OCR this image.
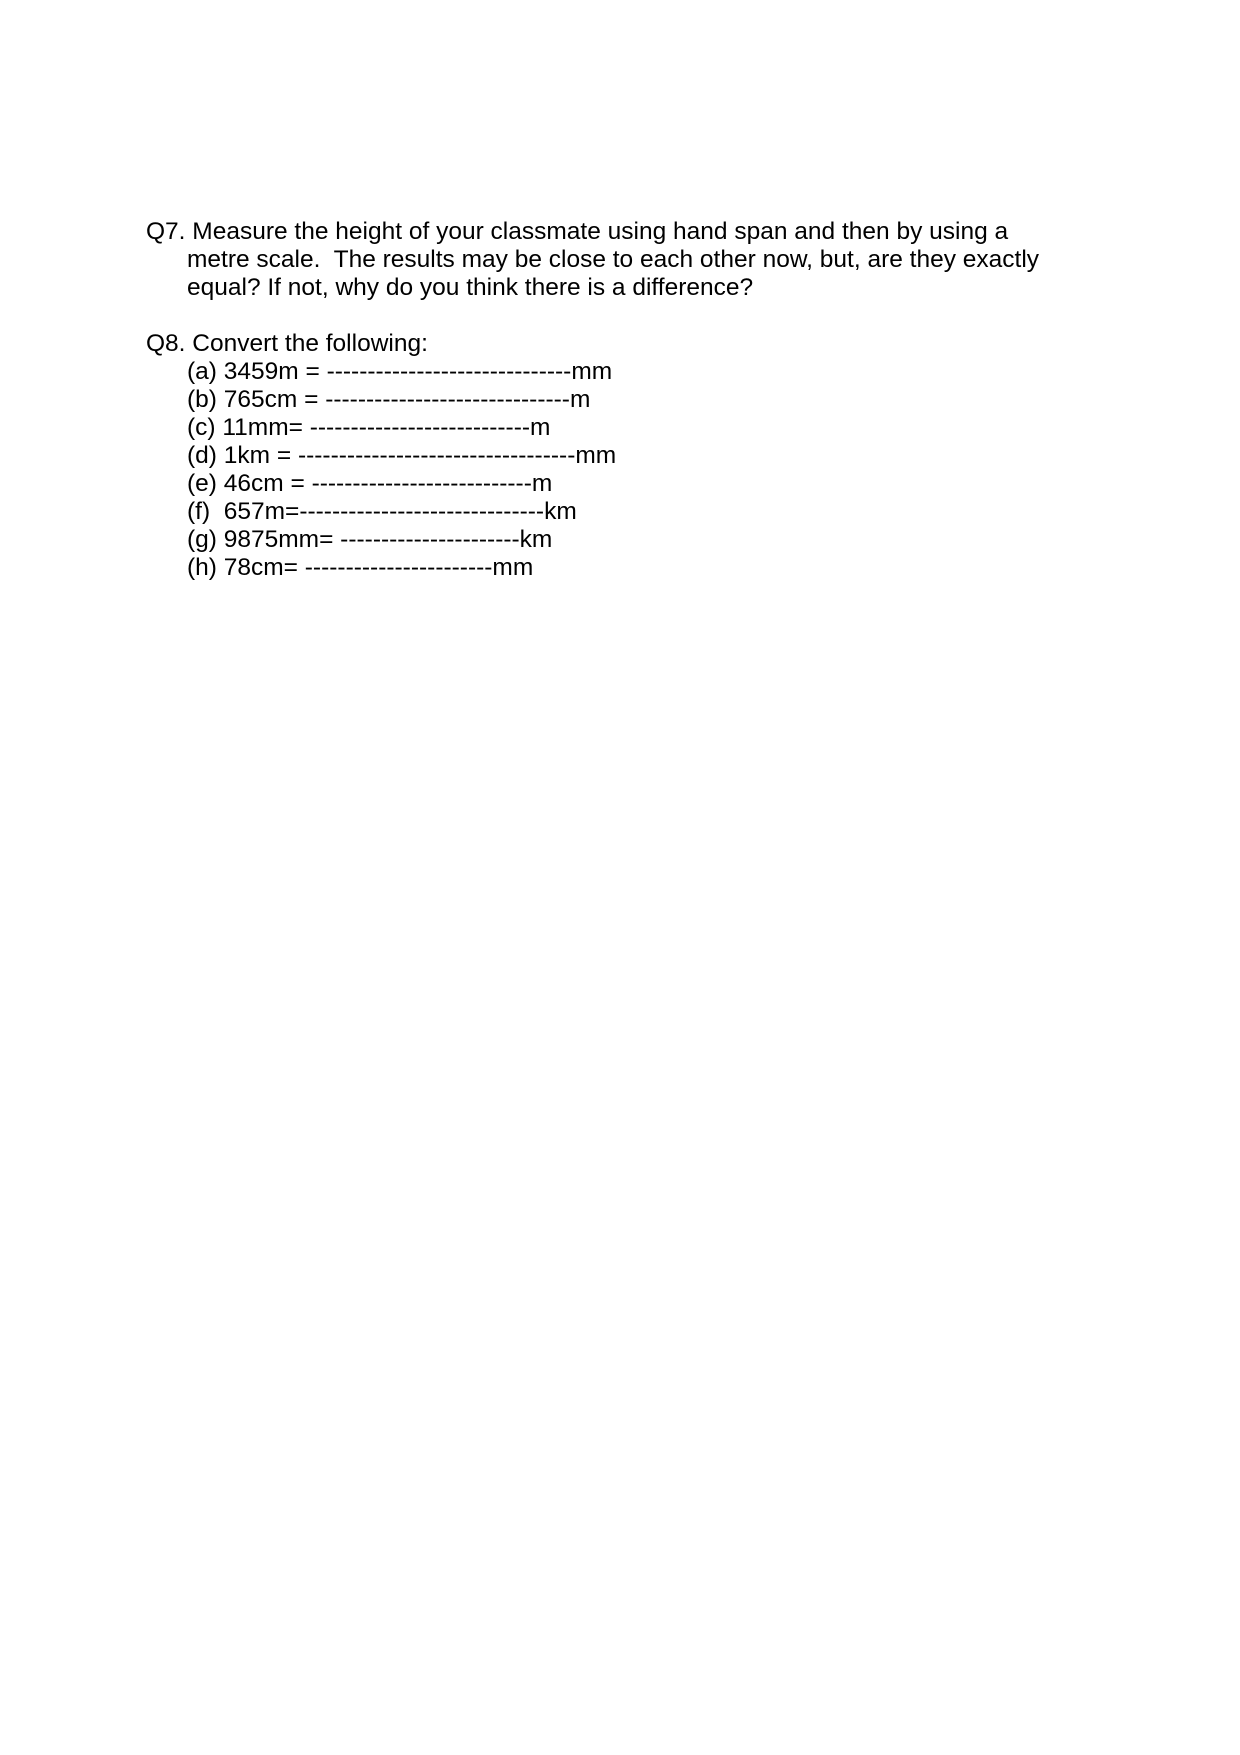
Q7. Measure the height of your classmate using hand span and then by using a
metre scale.  The results may be close to each other now, but, are they exactly
equal? If not, why do you think there is a difference?
Q8. Convert the following:
(a) 3459m = ------------------------------mm
(b) 765cm = ------------------------------m
(c) 11mm= ---------------------------m
(d) 1km = ----------------------------------mm
(e) 46cm = ---------------------------m
(f)  657m=------------------------------km
(g) 9875mm= ----------------------km
(h) 78cm= -----------------------mm
